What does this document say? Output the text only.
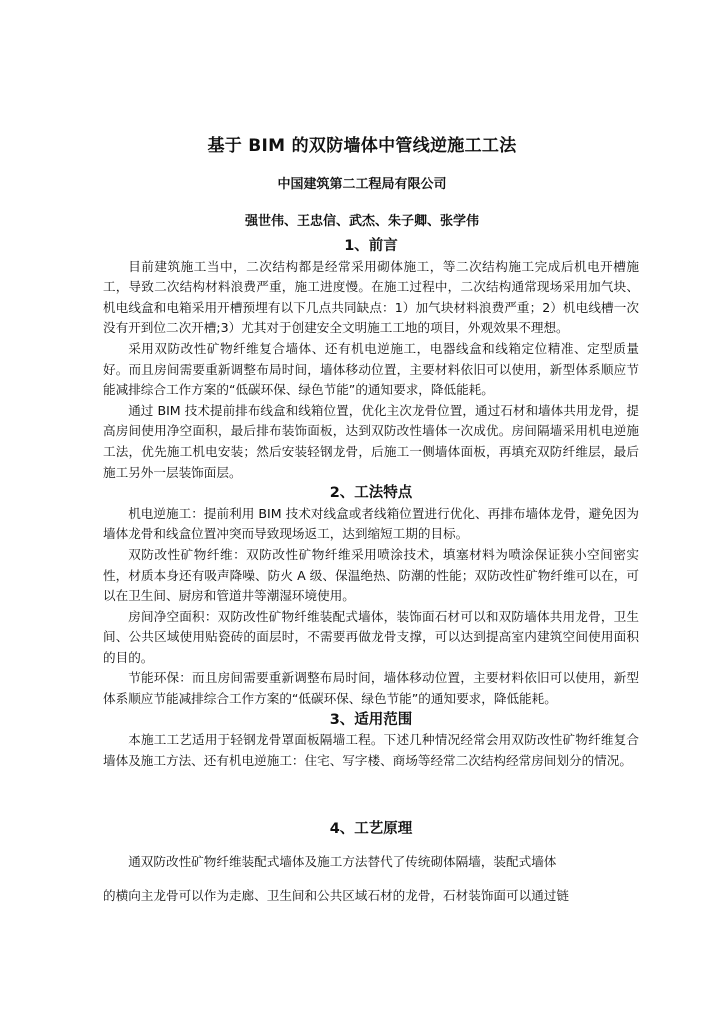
基于 BIM 的双防墙体中管线逆施工工法
中国建筑第二工程局有限公司
强世伟、王忠信、武杰、朱子卿、张学伟
1、前言

目前建筑施工当中，二次结构都是经常采用砌体施工，等二次结构施工完成后机电开槽施工，导致二次结构材料浪费严重，施工进度慢。在施工过程中，二次结构通常现场采用加气块、机电线盒和电箱采用开槽预埋有以下几点共同缺点：1）加气块材料浪费严重；2）机电线槽一次没有开到位二次开槽;3）尤其对于创建安全文明施工工地的项目，外观效果不理想。

采用双防改性矿物纤维复合墙体、还有机电逆施工，电器线盒和线箱定位精准、定型质量好。而且房间需要重新调整布局时间，墙体移动位置，主要材料依旧可以使用，新型体系顺应节能减排综合工作方案的“低碳环保、绿色节能”的通知要求，降低能耗。

通过 BIM 技术提前排布线盒和线箱位置，优化主次龙骨位置，通过石材和墙体共用龙骨，提高房间使用净空面积，最后排布装饰面板，达到双防改性墙体一次成优。房间隔墙采用机电逆施工法，优先施工机电安装；然后安装轻钢龙骨，后施工一侧墙体面板，再填充双防纤维层，最后施工另外一层装饰面层。

2、工法特点

机电逆施工：提前利用 BIM 技术对线盒或者线箱位置进行优化、再排布墙体龙骨，避免因为墙体龙骨和线盒位置冲突而导致现场返工，达到缩短工期的目标。

双防改性矿物纤维：双防改性矿物纤维采用喷涂技术，填塞材料为喷涂保证狭小空间密实性，材质本身还有吸声降噪、防火 A 级、保温绝热、防潮的性能；双防改性矿物纤维可以在，可以在卫生间、厨房和管道井等潮湿环境使用。

房间净空面积：双防改性矿物纤维装配式墙体，装饰面石材可以和双防墙体共用龙骨，卫生间、公共区域使用贴瓷砖的面层时，不需要再做龙骨支撑，可以达到提高室内建筑空间使用面积的目的。

节能环保：而且房间需要重新调整布局时间，墙体移动位置，主要材料依旧可以使用，新型体系顺应节能减排综合工作方案的“低碳环保、绿色节能”的通知要求，降低能耗。

3、适用范围

本施工工艺适用于轻钢龙骨罩面板隔墙工程。下述几种情况经常会用双防改性矿物纤维复合墙体及施工方法、还有机电逆施工：住宅、写字楼、商场等经常二次结构经常房间划分的情况。

4、工艺原理

通双防改性矿物纤维装配式墙体及施工方法替代了传统砌体隔墙，装配式墙体

的横向主龙骨可以作为走廊、卫生间和公共区域石材的龙骨，石材装饰面可以通过链
